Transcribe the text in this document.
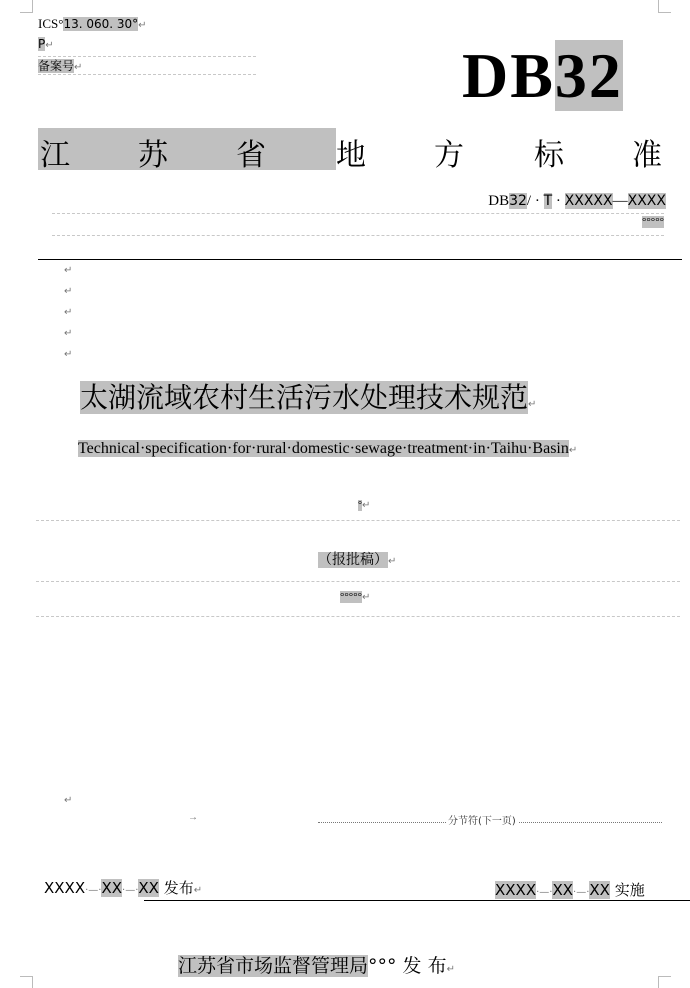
ICS°13. 060. 30°↵
P↵
备案号↵	DB32
江 苏 省 地 方 标 准
DB32/ · T · XXXXX—XXXX
°°°°°
↵
↵
↵
↵
↵
太湖流域农村生活污水处理技术规范↵
Technical·specification·for·rural·domestic·sewage·treatment·in·Taihu·Basin↵
°↵
（报批稿）↵
°°°°°↵
↵
→	分节符(下一页)
XXXX·—·XX·—·XX 发布↵	XXXX·—·XX·—·XX 实施
江苏省市场监督管理局°°° 发 布↵
